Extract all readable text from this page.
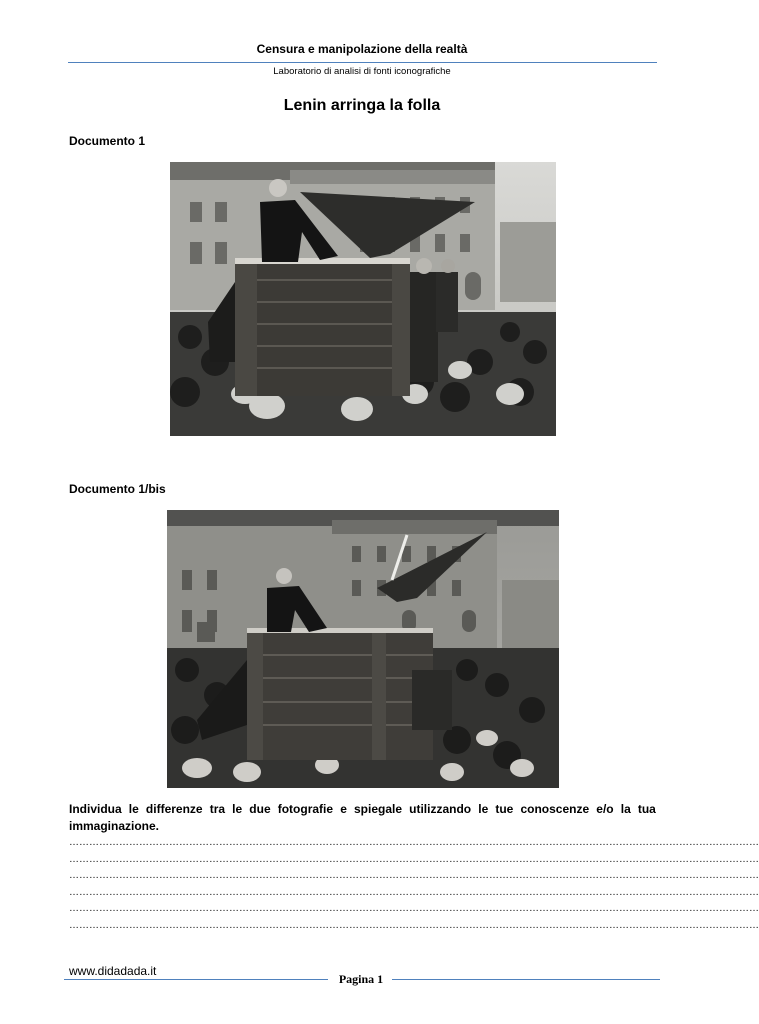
Censura e manipolazione della realtà
Laboratorio di analisi di fonti iconografiche
Lenin arringa la folla
Documento 1
Documento 1/bis
Individua le differenze tra le due fotografie e spiegale utilizzando le tue conoscenze e/o la tua
immaginazione.
………………………………………………………………………………………………………………………………………………………………………………………
………………………………………………………………………………………………………………………………………………………………………………………
………………………………………………………………………………………………………………………………………………………………………………………
………………………………………………………………………………………………………………………………………………………………………………………
………………………………………………………………………………………………………………………………………………………………………………………
………………………………………………………………………………………………………………………………………………………………………………………
www.didadada.it
Pagina 1
